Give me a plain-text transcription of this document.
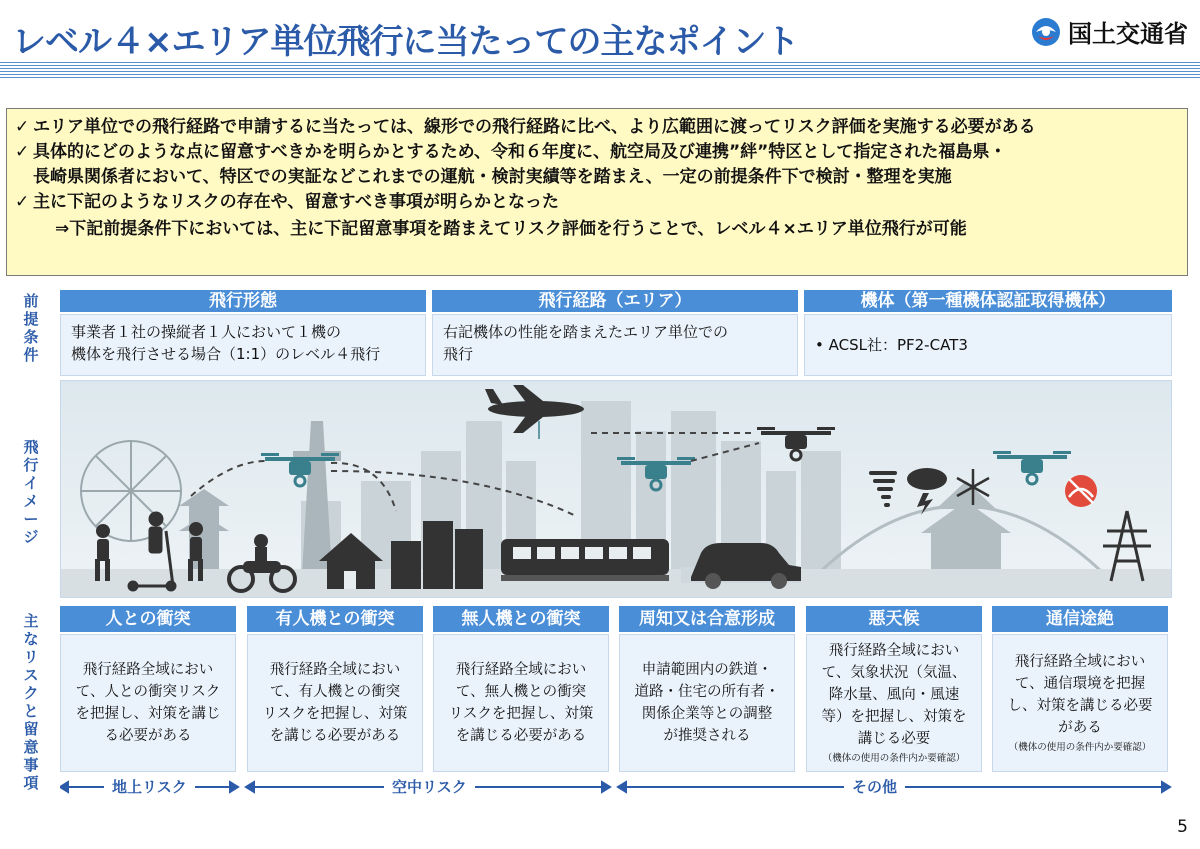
レベル４×エリア単位飛行に当たっての主なポイント	国土交通省
✓ エリア単位での飛行経路で申請するに当たっては、線形での飛行経路に比べ、より広範囲に渡ってリスク評価を実施する必要がある
✓ 具体的にどのような点に留意すべきかを明らかとするため、令和６年度に、航空局及び連携”絆”特区として指定された福島県・
長崎県関係者において、特区での実証などこれまでの運航・検討実績等を踏まえ、一定の前提条件下で検討・整理を実施
✓ 主に下記のようなリスクの存在や、留意すべき事項が明らかとなった
⇒下記前提条件下においては、主に下記留意事項を踏まえてリスク評価を行うことで、レベル４×エリア単位飛行が可能
前提条件
飛行イメージ
主なリスクと留意事項
飛行形態
事業者１社の操縦者１人において１機の
機体を飛行させる場合（1:1）のレベル４飛行
飛行経路（エリア）
右記機体の性能を踏まえたエリア単位での
飛行
機体（第一種機体認証取得機体）
• ACSL社：PF2-CAT3
人との衝突
飛行経路全域におい
て、人との衝突リスク
を把握し、対策を講じ
る必要がある
有人機との衝突
飛行経路全域におい
て、有人機との衝突
リスクを把握し、対策
を講じる必要がある
無人機との衝突
飛行経路全域におい
て、無人機との衝突
リスクを把握し、対策
を講じる必要がある
周知又は合意形成
申請範囲内の鉄道・
道路・住宅の所有者・
関係企業等との調整
が推奨される
悪天候
飛行経路全域におい
て、気象状況（気温、
降水量、風向・風速
等）を把握し、対策を
講じる必要
（機体の使用の条件内か要確認）
通信途絶
飛行経路全域におい
て、通信環境を把握
し、対策を講じる必要
がある
（機体の使用の条件内か要確認）
地上リスク	空中リスク	その他
5
